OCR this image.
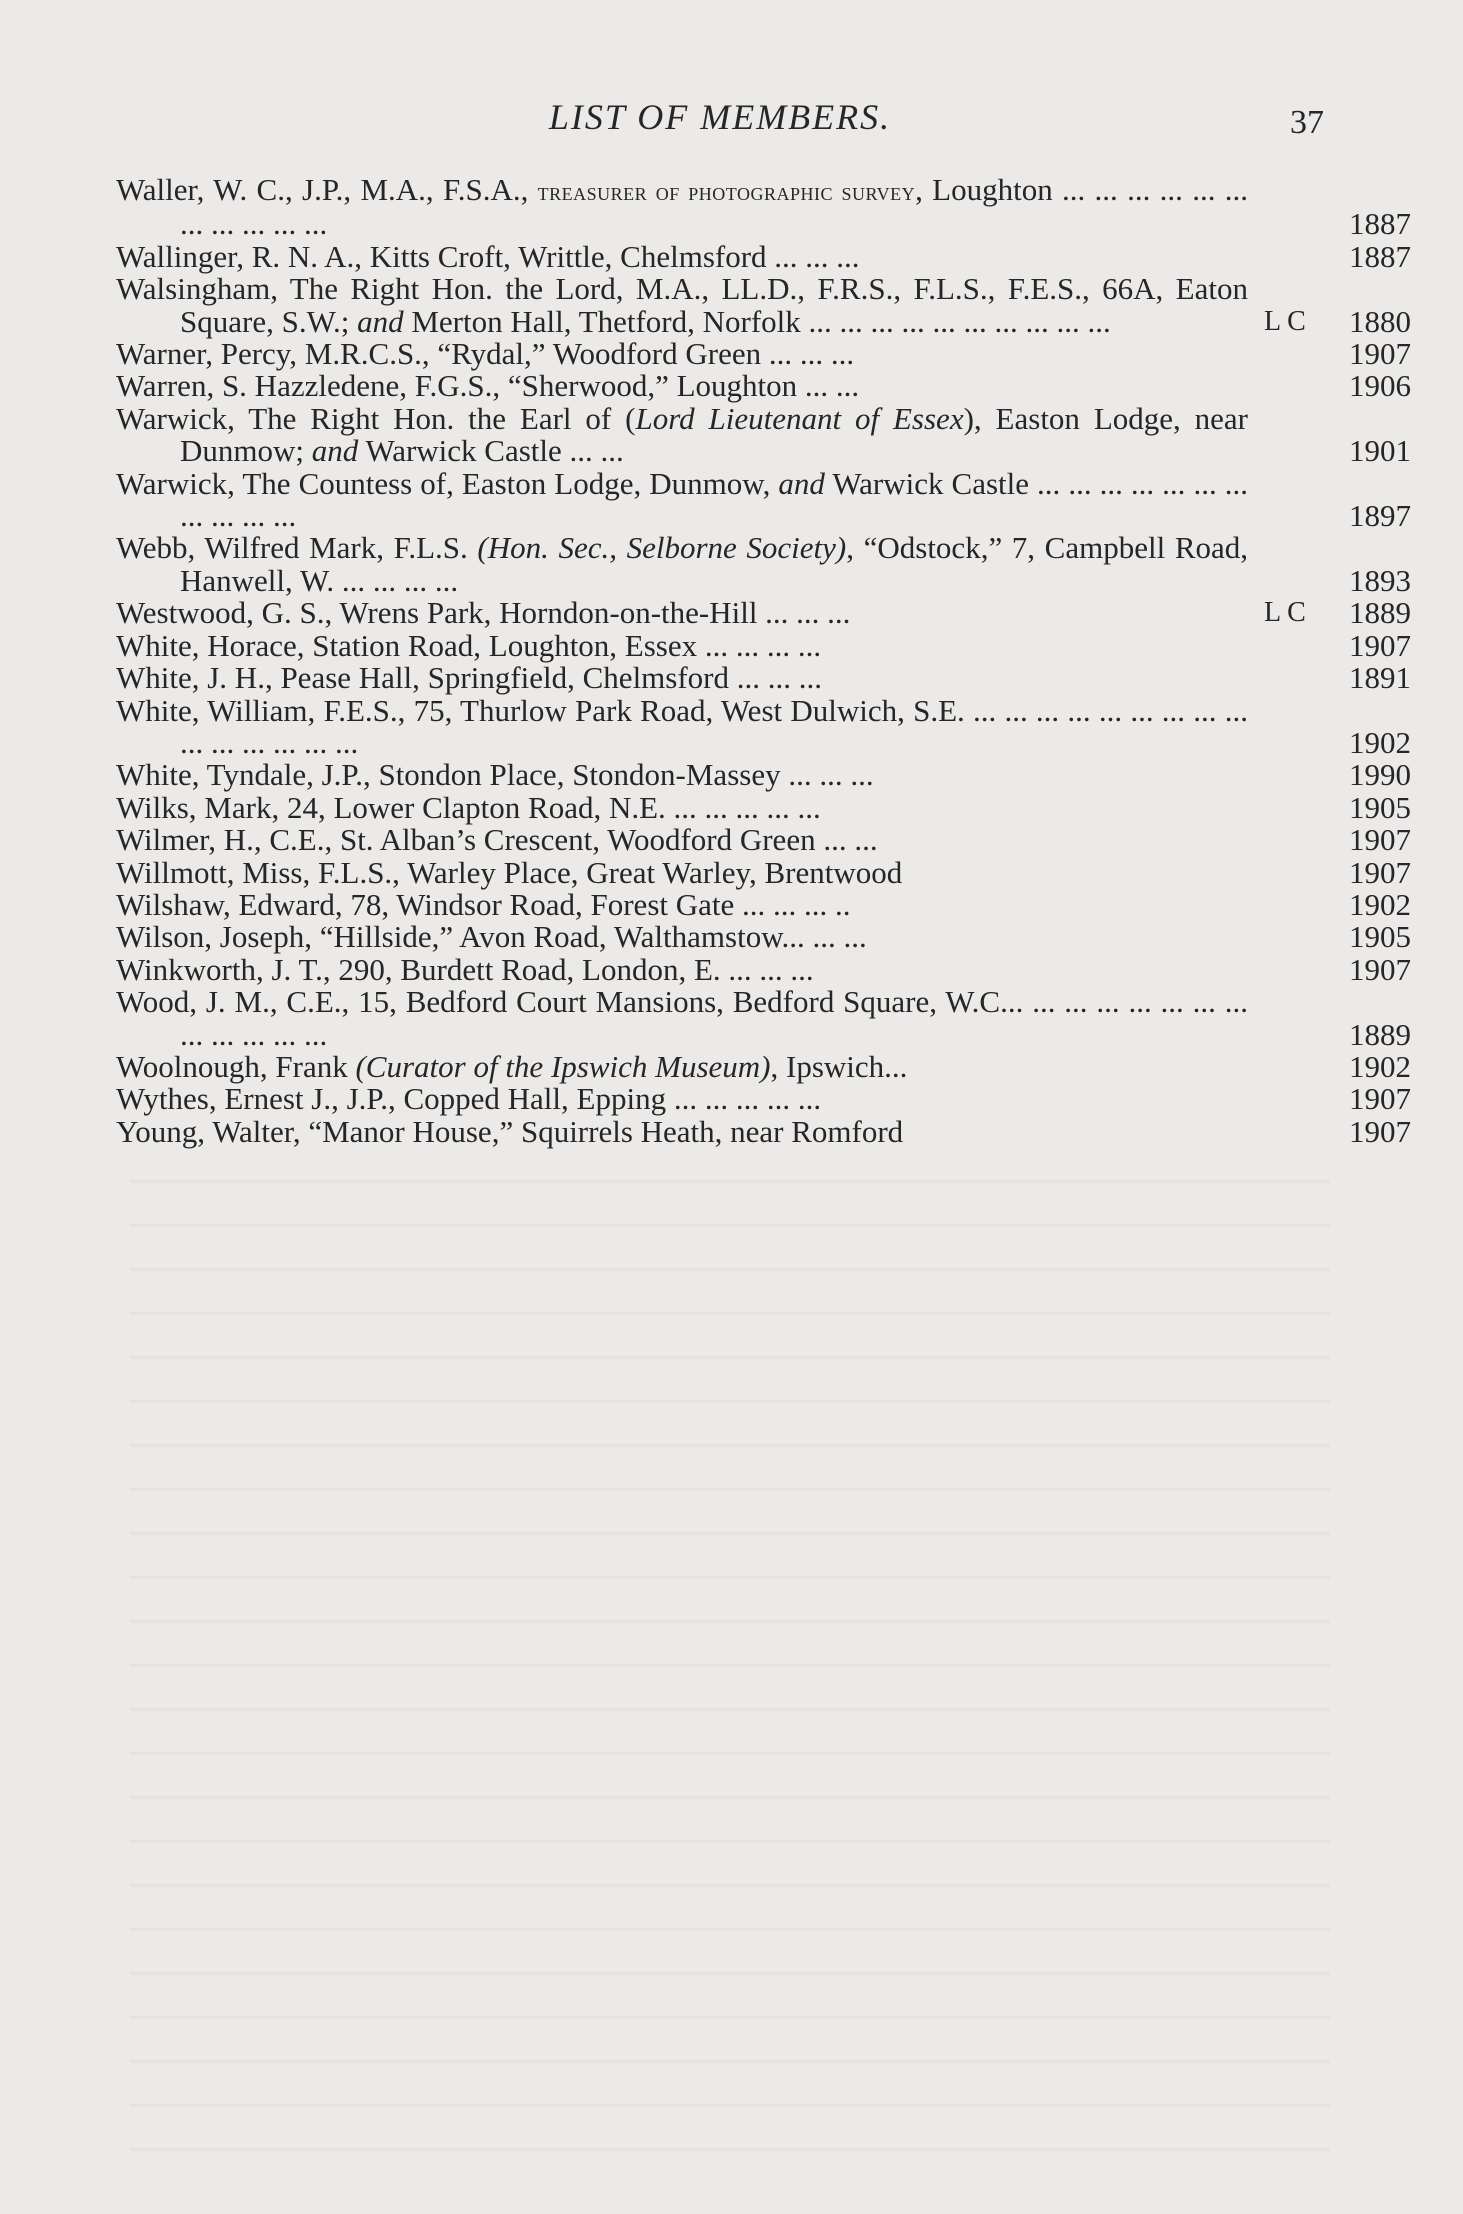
LIST OF MEMBERS.	37
Waller, W. C., J.P., M.A., F.S.A., treasurer of photographic survey, Loughton ... ... ... ... ... ... ... ... ... ... ...	1887
Wallinger, R. N. A., Kitts Croft, Writtle, Chelmsford ... ... ...	1887
Walsingham, The Right Hon. the Lord, M.A., LL.D., F.R.S., F.L.S., F.E.S., 66A, Eaton Square, S.W.; and Merton Hall, Thetford, Norfolk ... ... ... ... ... ... ... ... ... ...	L C	1880
Warner, Percy, M.R.C.S., “Rydal,” Woodford Green ... ... ...	1907
Warren, S. Hazzledene, F.G.S., “Sherwood,” Loughton ... ...	1906
Warwick, The Right Hon. the Earl of (Lord Lieutenant of Essex), Easton Lodge, near Dunmow; and Warwick Castle ... ...	1901
Warwick, The Countess of, Easton Lodge, Dunmow, and Warwick Castle ... ... ... ... ... ... ... ... ... ... ...	1897
Webb, Wilfred Mark, F.L.S. (Hon. Sec., Selborne Society), “Odstock,” 7, Campbell Road, Hanwell, W. ... ... ... ...	1893
Westwood, G. S., Wrens Park, Horndon-on-the-Hill ... ... ...	L C	1889
White, Horace, Station Road, Loughton, Essex ... ... ... ...	1907
White, J. H., Pease Hall, Springfield, Chelmsford ... ... ...	1891
White, William, F.E.S., 75, Thurlow Park Road, West Dulwich, S.E. ... ... ... ... ... ... ... ... ... ... ... ... ... ... ...	1902
White, Tyndale, J.P., Stondon Place, Stondon-Massey ... ... ...	1990
Wilks, Mark, 24, Lower Clapton Road, N.E. ... ... ... ... ...	1905
Wilmer, H., C.E., St. Alban’s Crescent, Woodford Green ... ...	1907
Willmott, Miss, F.L.S., Warley Place, Great Warley, Brentwood	1907
Wilshaw, Edward, 78, Windsor Road, Forest Gate ... ... ... ..	1902
Wilson, Joseph, “Hillside,” Avon Road, Walthamstow... ... ...	1905
Winkworth, J. T., 290, Burdett Road, London, E. ... ... ...	1907
Wood, J. M., C.E., 15, Bedford Court Mansions, Bedford Square, W.C... ... ... ... ... ... ... ... ... ... ... ... ...	1889
Woolnough, Frank (Curator of the Ipswich Museum), Ipswich...	1902
Wythes, Ernest J., J.P., Copped Hall, Epping ... ... ... ... ...	1907
Young, Walter, “Manor House,” Squirrels Heath, near Romford	1907
